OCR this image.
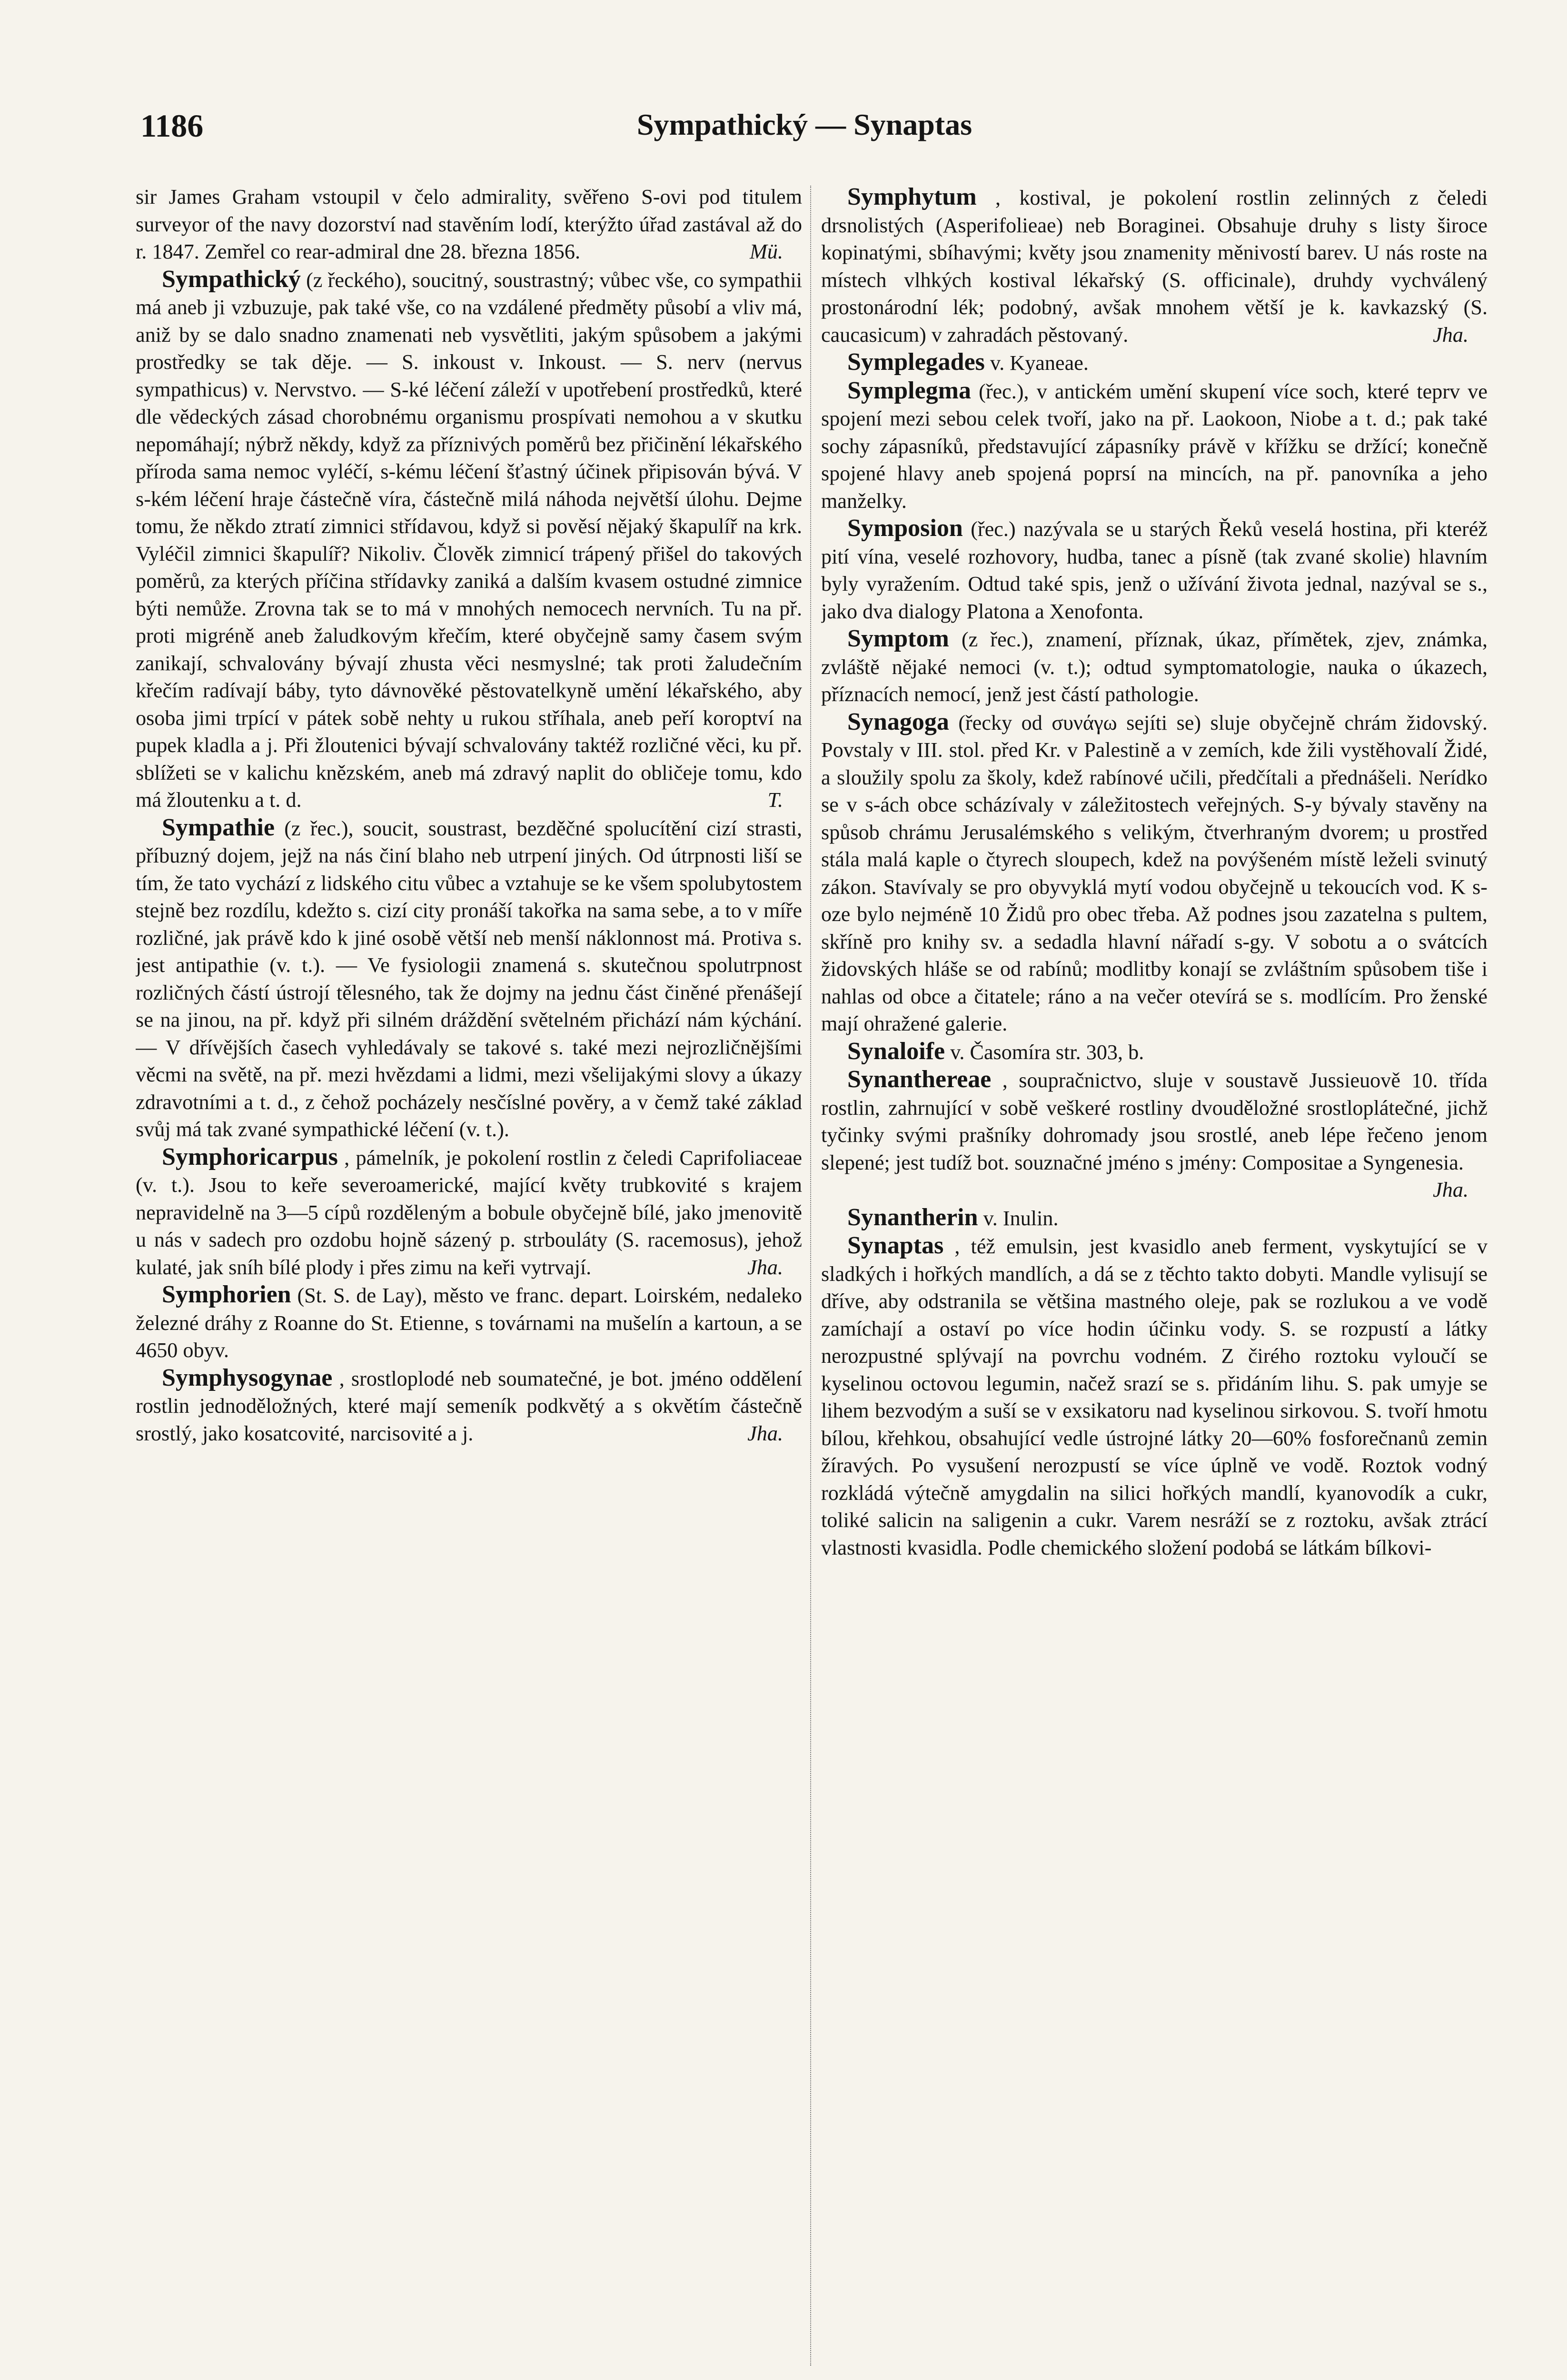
Sympathický — Synaptas
1186

sir James Graham vstoupil v čelo admirality, svěřeno S-ovi pod titulem surveyor of the navy dozorství nad stavěním lodí, kterýžto úřad zastával až do r. 1847. Zemřel co rear-admiral dne 28. března 1856.	Mü.

Sympathický (z řeckého), soucitný, soustrastný; vůbec vše, co sympathii má aneb ji vzbuzuje, pak také vše, co na vzdálené předměty působí a vliv má, aniž by se dalo snadno znamenati neb vysvětliti, jakým spůsobem a jakými prostředky se tak děje. — S. inkoust v. Inkoust. — S. nerv (nervus sympathicus) v. Nervstvo. — S-ké léčení záleží v upotřebení prostředků, které dle vědeckých zásad chorobnému organismu prospívati nemohou a v skutku nepomáhají; nýbrž někdy, když za příznivých poměrů bez přičinění lékařského příroda sama nemoc vyléčí, s-kému léčení šťastný účinek připisován bývá. V s-kém léčení hraje částečně víra, částečně milá náhoda největší úlohu. Dejme tomu, že někdo ztratí zimnici střídavou, když si pověsí nějaký škapulíř na krk. Vyléčil zimnici škapulíř? Nikoliv. Člověk zimnicí trápený přišel do takových poměrů, za kterých příčina střídavky zaniká a dalším kvasem ostudné zimnice býti nemůže. Zrovna tak se to má v mnohých nemocech nervních. Tu na př. proti migréně aneb žaludkovým křečím, které obyčejně samy časem svým zanikají, schvalovány bývají zhusta věci nesmyslné; tak proti žaludečním křečím radívají báby, tyto dávnověké pěstovatelkyně umění lékařského, aby osoba jimi trpící v pátek sobě nehty u rukou stříhala, aneb peří koroptví na pupek kladla a j. Při žloutenici bývají schvalovány taktéž rozličné věci, ku př. sblížeti se v kalichu knězském, aneb má zdravý naplit do obličeje tomu, kdo má žloutenku a t. d.	T.

Sympathie (z řec.), soucit, soustrast, bezděčné spolucítění cizí strasti, příbuzný dojem, jejž na nás činí blaho neb utrpení jiných. Od útrpnosti liší se tím, že tato vychází z lidského citu vůbec a vztahuje se ke všem spolubytostem stejně bez rozdílu, kdežto s. cizí city pronáší takořka na sama sebe, a to v míře rozličné, jak právě kdo k jiné osobě větší neb menší náklonnost má. Protiva s. jest antipathie (v. t.). — Ve fysiologii znamená s. skutečnou spolutrpnost rozličných částí ústrojí tělesného, tak že dojmy na jednu část činěné přenášejí se na jinou, na př. když při silném dráždění světelném přichází nám kýchání. — V dřívějších časech vyhledávaly se takové s. také mezi nejrozličnějšími věcmi na světě, na př. mezi hvězdami a lidmi, mezi všelijakými slovy a úkazy zdravotními a t. d., z čehož pocházely nesčíslné pověry, a v čemž také základ svůj má tak zvané sympathické léčení (v. t.).

Symphoricarpus , pámelník, je pokolení rostlin z čeledi Caprifoliaceae (v. t.). Jsou to keře severoamerické, mající květy trubkovité s krajem nepravidelně na 3—5 cípů rozděleným a bobule obyčejně bílé, jako jmenovitě u nás v sadech pro ozdobu hojně sázený p. strbouláty (S. racemosus), jehož kulaté, jak sníh bílé plody i přes zimu na keři vytrvají.	Jha.

Symphorien (St. S. de Lay), město ve franc. depart. Loirském, nedaleko železné dráhy z Roanne do St. Etienne, s továrnami na mušelín a kartoun, a se 4650 obyv.

Symphysogynae , srostloplodé neb soumatečné, je bot. jméno oddělení rostlin jednoděložných, které mají semeník podkvětý a s okvětím částečně srostlý, jako kosatcovité, narcisovité a j.	Jha.

Symphytum , kostival, je pokolení rostlin zelinných z čeledi drsnolistých (Asperifolieae) neb Boraginei. Obsahuje druhy s listy široce kopinatými, sbíhavými; květy jsou znamenity měnivostí barev. U nás roste na místech vlhkých kostival lékařský (S. officinale), druhdy vychválený prostonárodní lék; podobný, avšak mnohem větší je k. kavkazský (S. caucasicum) v zahradách pěstovaný.	Jha.

Symplegades v. Kyaneae.

Symplegma (řec.), v antickém umění skupení více soch, které teprv ve spojení mezi sebou celek tvoří, jako na př. Laokoon, Niobe a t. d.; pak také sochy zápasníků, představující zápasníky právě v křížku se držící; konečně spojené hlavy aneb spojená poprsí na mincích, na př. panovníka a jeho manželky.

Symposion (řec.) nazývala se u starých Řeků veselá hostina, při kteréž pití vína, veselé rozhovory, hudba, tanec a písně (tak zvané skolie) hlavním byly vyražením. Odtud také spis, jenž o užívání života jednal, nazýval se s., jako dva dialogy Platona a Xenofonta.

Symptom (z řec.), znamení, příznak, úkaz, přímětek, zjev, známka, zvláště nějaké nemoci (v. t.); odtud symptomatologie, nauka o úkazech, příznacích nemocí, jenž jest částí pathologie.

Synagoga (řecky od συνάγω sejíti se) sluje obyčejně chrám židovský. Povstaly v III. stol. před Kr. v Palestině a v zemích, kde žili vystěhovalí Židé, a sloužily spolu za školy, kdež rabínové učili, předčítali a přednášeli. Nerídko se v s-ách obce scházívaly v záležitostech veřejných. S-y bývaly stavěny na spůsob chrámu Jerusalémského s velikým, čtverhraným dvorem; u prostřed stála malá kaple o čtyrech sloupech, kdež na povýšeném místě leželi svinutý zákon. Stavívaly se pro obyvyklá mytí vodou obyčejně u tekoucích vod. K s-oze bylo nejméně 10 Židů pro obec třeba. Až podnes jsou zazatelna s pultem, skříně pro knihy sv. a sedadla hlavní nářadí s-gy. V sobotu a o svátcích židovských hláše se od rabínů; modlitby konají se zvláštním spůsobem tiše i nahlas od obce a čitatele; ráno a na večer otevírá se s. modlícím. Pro ženské mají ohražené galerie.

Synaloife v. Časomíra str. 303, b.

Synanthereae , soupračnictvo, sluje v soustavě Jussieuově 10. třída rostlin, zahrnující v sobě veškeré rostliny dvouděložné srostloplátečné, jichž tyčinky svými prašníky dohromady jsou srostlé, aneb lépe řečeno jenom slepené; jest tudíž bot. souznačné jméno s jmény: Compositae a Syngenesia.
Jha.

Synantherin v. Inulin.

Synaptas , též emulsin, jest kvasidlo aneb ferment, vyskytující se v sladkých i hořkých mandlích, a dá se z těchto takto dobyti. Mandle vylisují se dříve, aby odstranila se většina mastného oleje, pak se rozlukou a ve vodě zamíchají a ostaví po více hodin účinku vody. S. se rozpustí a látky nerozpustné splývají na povrchu vodném. Z čirého roztoku vyloučí se kyselinou octovou legumin, načež srazí se s. přidáním lihu. S. pak umyje se lihem bezvodým a suší se v exsikatoru nad kyselinou sirkovou. S. tvoří hmotu bílou, křehkou, obsahující vedle ústrojné látky 20—60% fosforečnanů zemin žíravých. Po vysušení nerozpustí se více úplně ve vodě. Roztok vodný rozkládá výtečně amygdalin na silici hořkých mandlí, kyanovodík a cukr, toliké salicin na saligenin a cukr. Varem nesráží se z roztoku, avšak ztrácí vlastnosti kvasidla. Podle chemického složení podobá se látkám bílkovi-
